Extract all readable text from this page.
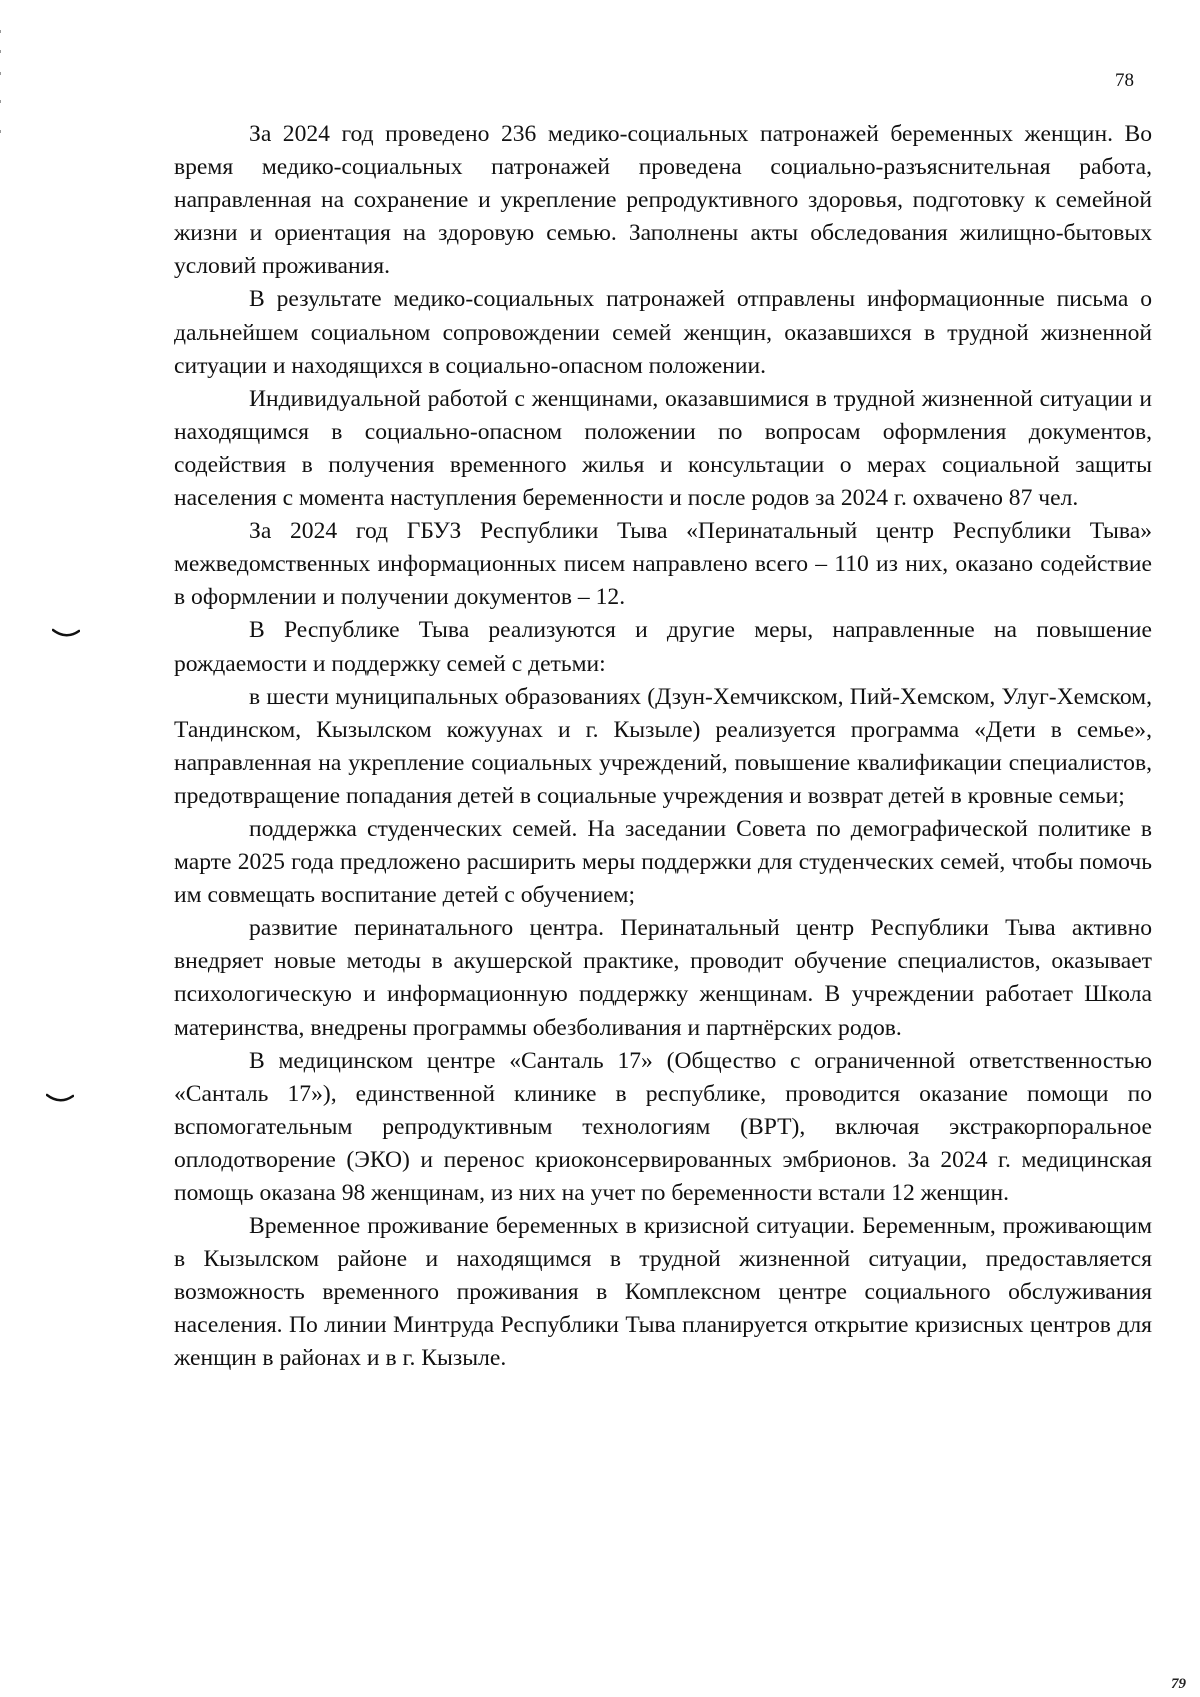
78

За 2024 год проведено 236 медико-социальных патронажей беременных женщин. Во время медико-социальных патронажей проведена социально-разъяснительная работа, направленная на сохранение и укрепление репродуктивного здоровья, подготовку к семейной жизни и ориентация на здоровую семью. Заполнены акты обследования жилищно-бытовых условий проживания.

В результате медико-социальных патронажей отправлены информационные письма о дальнейшем социальном сопровождении семей женщин, оказавшихся в трудной жизненной ситуации и находящихся в социально-опасном положении.

Индивидуальной работой с женщинами, оказавшимися в трудной жизненной ситуации и находящимся в социально-опасном положении по вопросам оформления документов, содействия в получения временного жилья и консультации о мерах социальной защиты населения с момента наступления беременности и после родов за 2024 г. охвачено 87 чел.

За 2024 год ГБУЗ Республики Тыва «Перинатальный центр Республики Тыва» межведомственных информационных писем направлено всего – 110 из них, оказано содействие в оформлении и получении документов – 12.

В Республике Тыва реализуются и другие меры, направленные на повышение рождаемости и поддержку семей с детьми:

в шести муниципальных образованиях (Дзун-Хемчикском, Пий-Хемском, Улуг-Хемском, Тандинском, Кызылском кожуунах и г. Кызыле) реализуется программа «Дети в семье», направленная на укрепление социальных учреждений, повышение квалификации специалистов, предотвращение попадания детей в социальные учреждения и возврат детей в кровные семьи;

поддержка студенческих семей. На заседании Совета по демографической политике в марте 2025 года предложено расширить меры поддержки для студенческих семей, чтобы помочь им совмещать воспитание детей с обучением;

развитие перинатального центра. Перинатальный центр Республики Тыва активно внедряет новые методы в акушерской практике, проводит обучение специалистов, оказывает психологическую и информационную поддержку женщинам. В учреждении работает Школа материнства, внедрены программы обезболивания и партнёрских родов.

В медицинском центре «Санталь 17» (Общество с ограниченной ответственностью «Санталь 17»), единственной клинике в республике, проводится оказание помощи по вспомогательным репродуктивным технологиям (ВРТ), включая экстракорпоральное оплодотворение (ЭКО) и перенос криоконсервированных эмбрионов. За 2024 г. медицинская помощь оказана 98 женщинам, из них на учет по беременности встали 12 женщин.

Временное проживание беременных в кризисной ситуации. Беременным, проживающим в Кызылском районе и находящимся в трудной жизненной ситуации, предоставляется возможность временного проживания в Комплексном центре социального обслуживания населения. По линии Минтруда Республики Тыва планируется открытие кризисных центров для женщин в районах и в г. Кызыле.

79
